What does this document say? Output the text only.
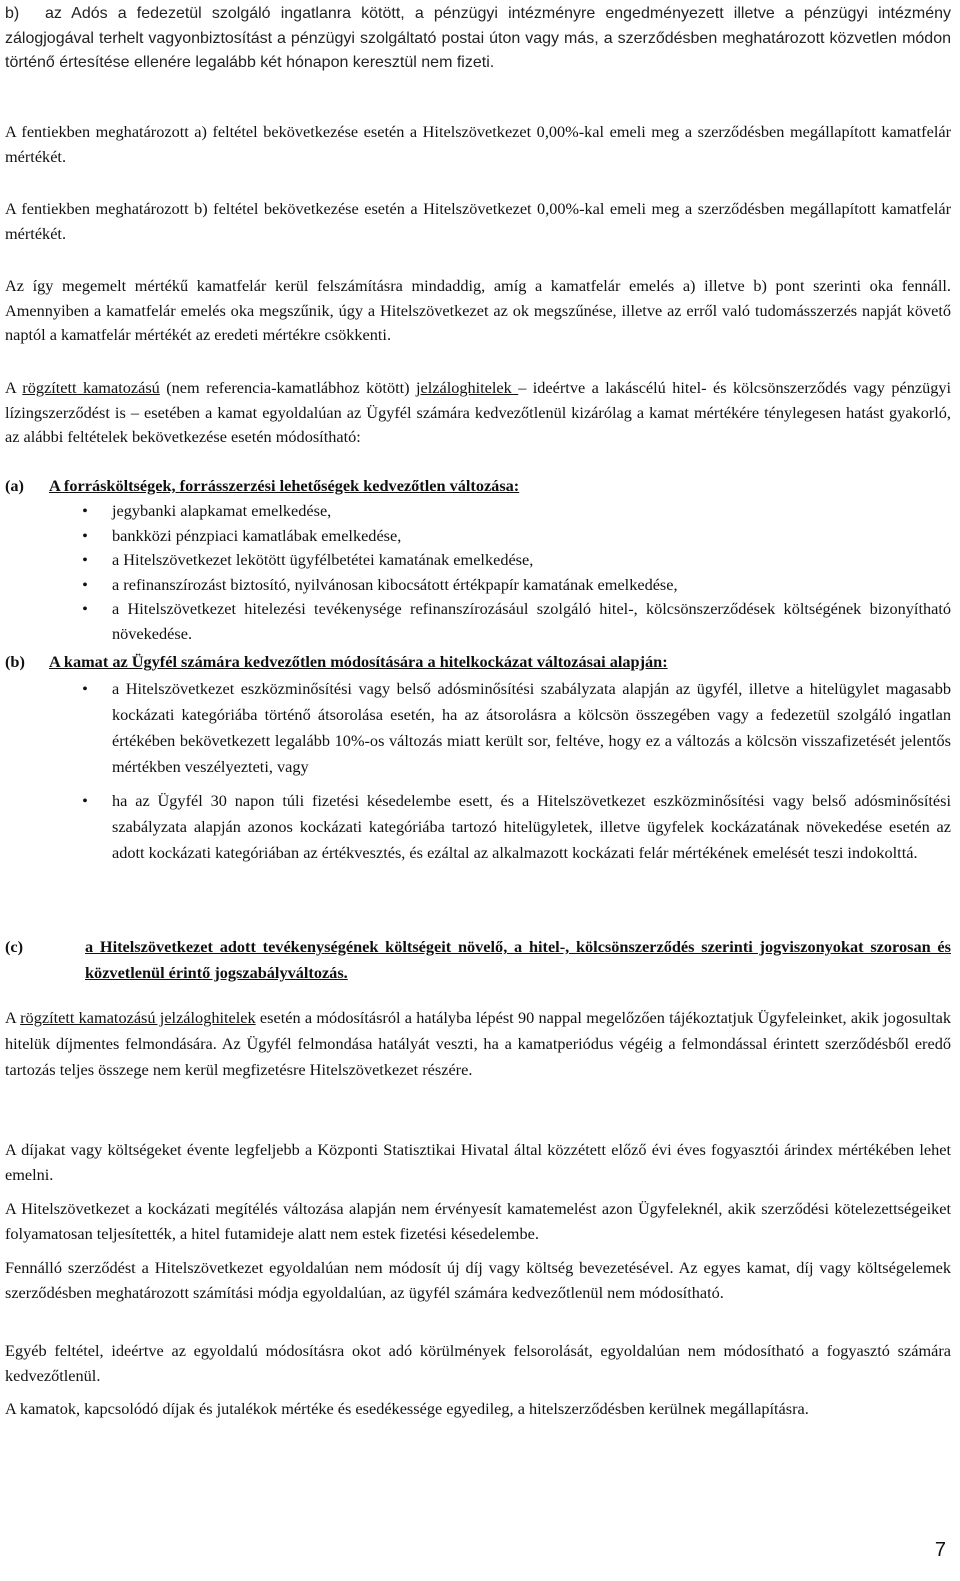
b) az Adós a fedezetül szolgáló ingatlanra kötött, a pénzügyi intézményre engedményezett illetve a pénzügyi intézmény zálogjogával terhelt vagyonbiztosítást a pénzügyi szolgáltató postai úton vagy más, a szerződésben meghatározott közvetlen módon történő értesítése ellenére legalább két hónapon keresztül nem fizeti.

A fentiekben meghatározott a) feltétel bekövetkezése esetén a Hitelszövetkezet 0,00%-kal emeli meg a szerződésben megállapított kamatfelár mértékét.

A fentiekben meghatározott b) feltétel bekövetkezése esetén a Hitelszövetkezet 0,00%-kal emeli meg a szerződésben megállapított kamatfelár mértékét.

Az így megemelt mértékű kamatfelár kerül felszámításra mindaddig, amíg a kamatfelár emelés a) illetve b) pont szerinti oka fennáll. Amennyiben a kamatfelár emelés oka megszűnik, úgy a Hitelszövetkezet az ok megszűnése, illetve az erről való tudomásszerzés napját követő naptól a kamatfelár mértékét az eredeti mértékre csökkenti.

A rögzített kamatozású (nem referencia-kamatlábhoz kötött) jelzáloghitelek – ideértve a lakáscélú hitel- és kölcsönszerződés vagy pénzügyi lízingszerződést is – esetében a kamat egyoldalúan az Ügyfél számára kedvezőtlenül kizárólag a kamat mértékére ténylegesen hatást gyakorló, az alábbi feltételek bekövetkezése esetén módosítható:

(a) A forrásköltségek, forrásszerzési lehetőségek kedvezőtlen változása:
• jegybanki alapkamat emelkedése,
• bankközi pénzpiaci kamatlábak emelkedése,
• a Hitelszövetkezet lekötött ügyfélbetétei kamatának emelkedése,
• a refinanszírozást biztosító, nyilvánosan kibocsátott értékpapír kamatának emelkedése,
• a Hitelszövetkezet hitelezési tevékenysége refinanszírozásául szolgáló hitel-, kölcsönszerződések költségének bizonyítható növekedése.
(b) A kamat az Ügyfél számára kedvezőtlen módosítására a hitelkockázat változásai alapján:
• a Hitelszövetkezet eszközminősítési vagy belső adósminősítési szabályzata alapján az ügyfél, illetve a hitelügylet magasabb kockázati kategóriába történő átsorolása esetén, ha az átsorolásra a kölcsön összegében vagy a fedezetül szolgáló ingatlan értékében bekövetkezett legalább 10%-os változás miatt került sor, feltéve, hogy ez a változás a kölcsön visszafizetését jelentős mértékben veszélyezteti, vagy
• ha az Ügyfél 30 napon túli fizetési késedelembe esett, és a Hitelszövetkezet eszközminősítési vagy belső adósminősítési szabályzata alapján azonos kockázati kategóriába tartozó hitelügyletek, illetve ügyfelek kockázatának növekedése esetén az adott kockázati kategóriában az értékvesztés, és ezáltal az alkalmazott kockázati felár mértékének emelését teszi indokolttá.
(c)	a Hitelszövetkezet adott tevékenységének költségeit növelő, a hitel-, kölcsönszerződés szerinti jogviszonyokat szorosan és közvetlenül érintő jogszabályváltozás.

A rögzített kamatozású jelzáloghitelek esetén a módosításról a hatályba lépést 90 nappal megelőzően tájékoztatjuk Ügyfeleinket, akik jogosultak hitelük díjmentes felmondására. Az Ügyfél felmondása hatályát veszti, ha a kamatperiódus végéig a felmondással érintett szerződésből eredő tartozás teljes összege nem kerül megfizetésre Hitelszövetkezet részére.

A díjakat vagy költségeket évente legfeljebb a Központi Statisztikai Hivatal által közzétett előző évi éves fogyasztói árindex mértékében lehet emelni.

A Hitelszövetkezet a kockázati megítélés változása alapján nem érvényesít kamatemelést azon Ügyfeleknél, akik szerződési kötelezettségeiket folyamatosan teljesítették, a hitel futamideje alatt nem estek fizetési késedelembe.

Fennálló szerződést a Hitelszövetkezet egyoldalúan nem módosít új díj vagy költség bevezetésével. Az egyes kamat, díj vagy költségelemek szerződésben meghatározott számítási módja egyoldalúan, az ügyfél számára kedvezőtlenül nem módosítható.

Egyéb feltétel, ideértve az egyoldalú módosításra okot adó körülmények felsorolását, egyoldalúan nem módosítható a fogyasztó számára kedvezőtlenül.

A kamatok, kapcsolódó díjak és jutalékok mértéke és esedékessége egyedileg, a hitelszerződésben kerülnek megállapításra.

7
